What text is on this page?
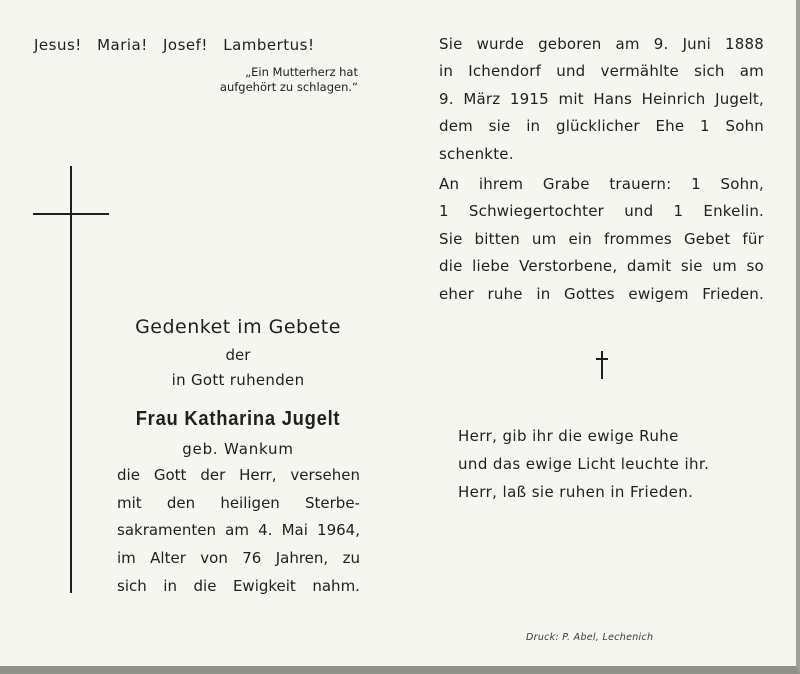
Jesus! Maria! Josef! Lambertus!
„Ein Mutterherz hat
aufgehört zu schlagen.“
Gedenket im Gebete
der
in Gott ruhenden
Frau Katharina Jugelt
geb. Wankum
die Gott der Herr, versehen
mit den heiligen Sterbe-
sakramenten am 4. Mai 1964,
im Alter von 76 Jahren, zu
sich in die Ewigkeit nahm.
Sie wurde geboren am 9. Juni 1888
in Ichendorf und vermählte sich am
9. März 1915 mit Hans Heinrich Jugelt,
dem sie in glücklicher Ehe 1 Sohn
schenkte.
An ihrem Grabe trauern: 1 Sohn,
1 Schwiegertochter und 1 Enkelin.
Sie bitten um ein frommes Gebet für
die liebe Verstorbene, damit sie um so
eher ruhe in Gottes ewigem Frieden.
Herr, gib ihr die ewige Ruhe
und das ewige Licht leuchte ihr.
Herr, laß sie ruhen in Frieden.
Druck: P. Abel, Lechenich
